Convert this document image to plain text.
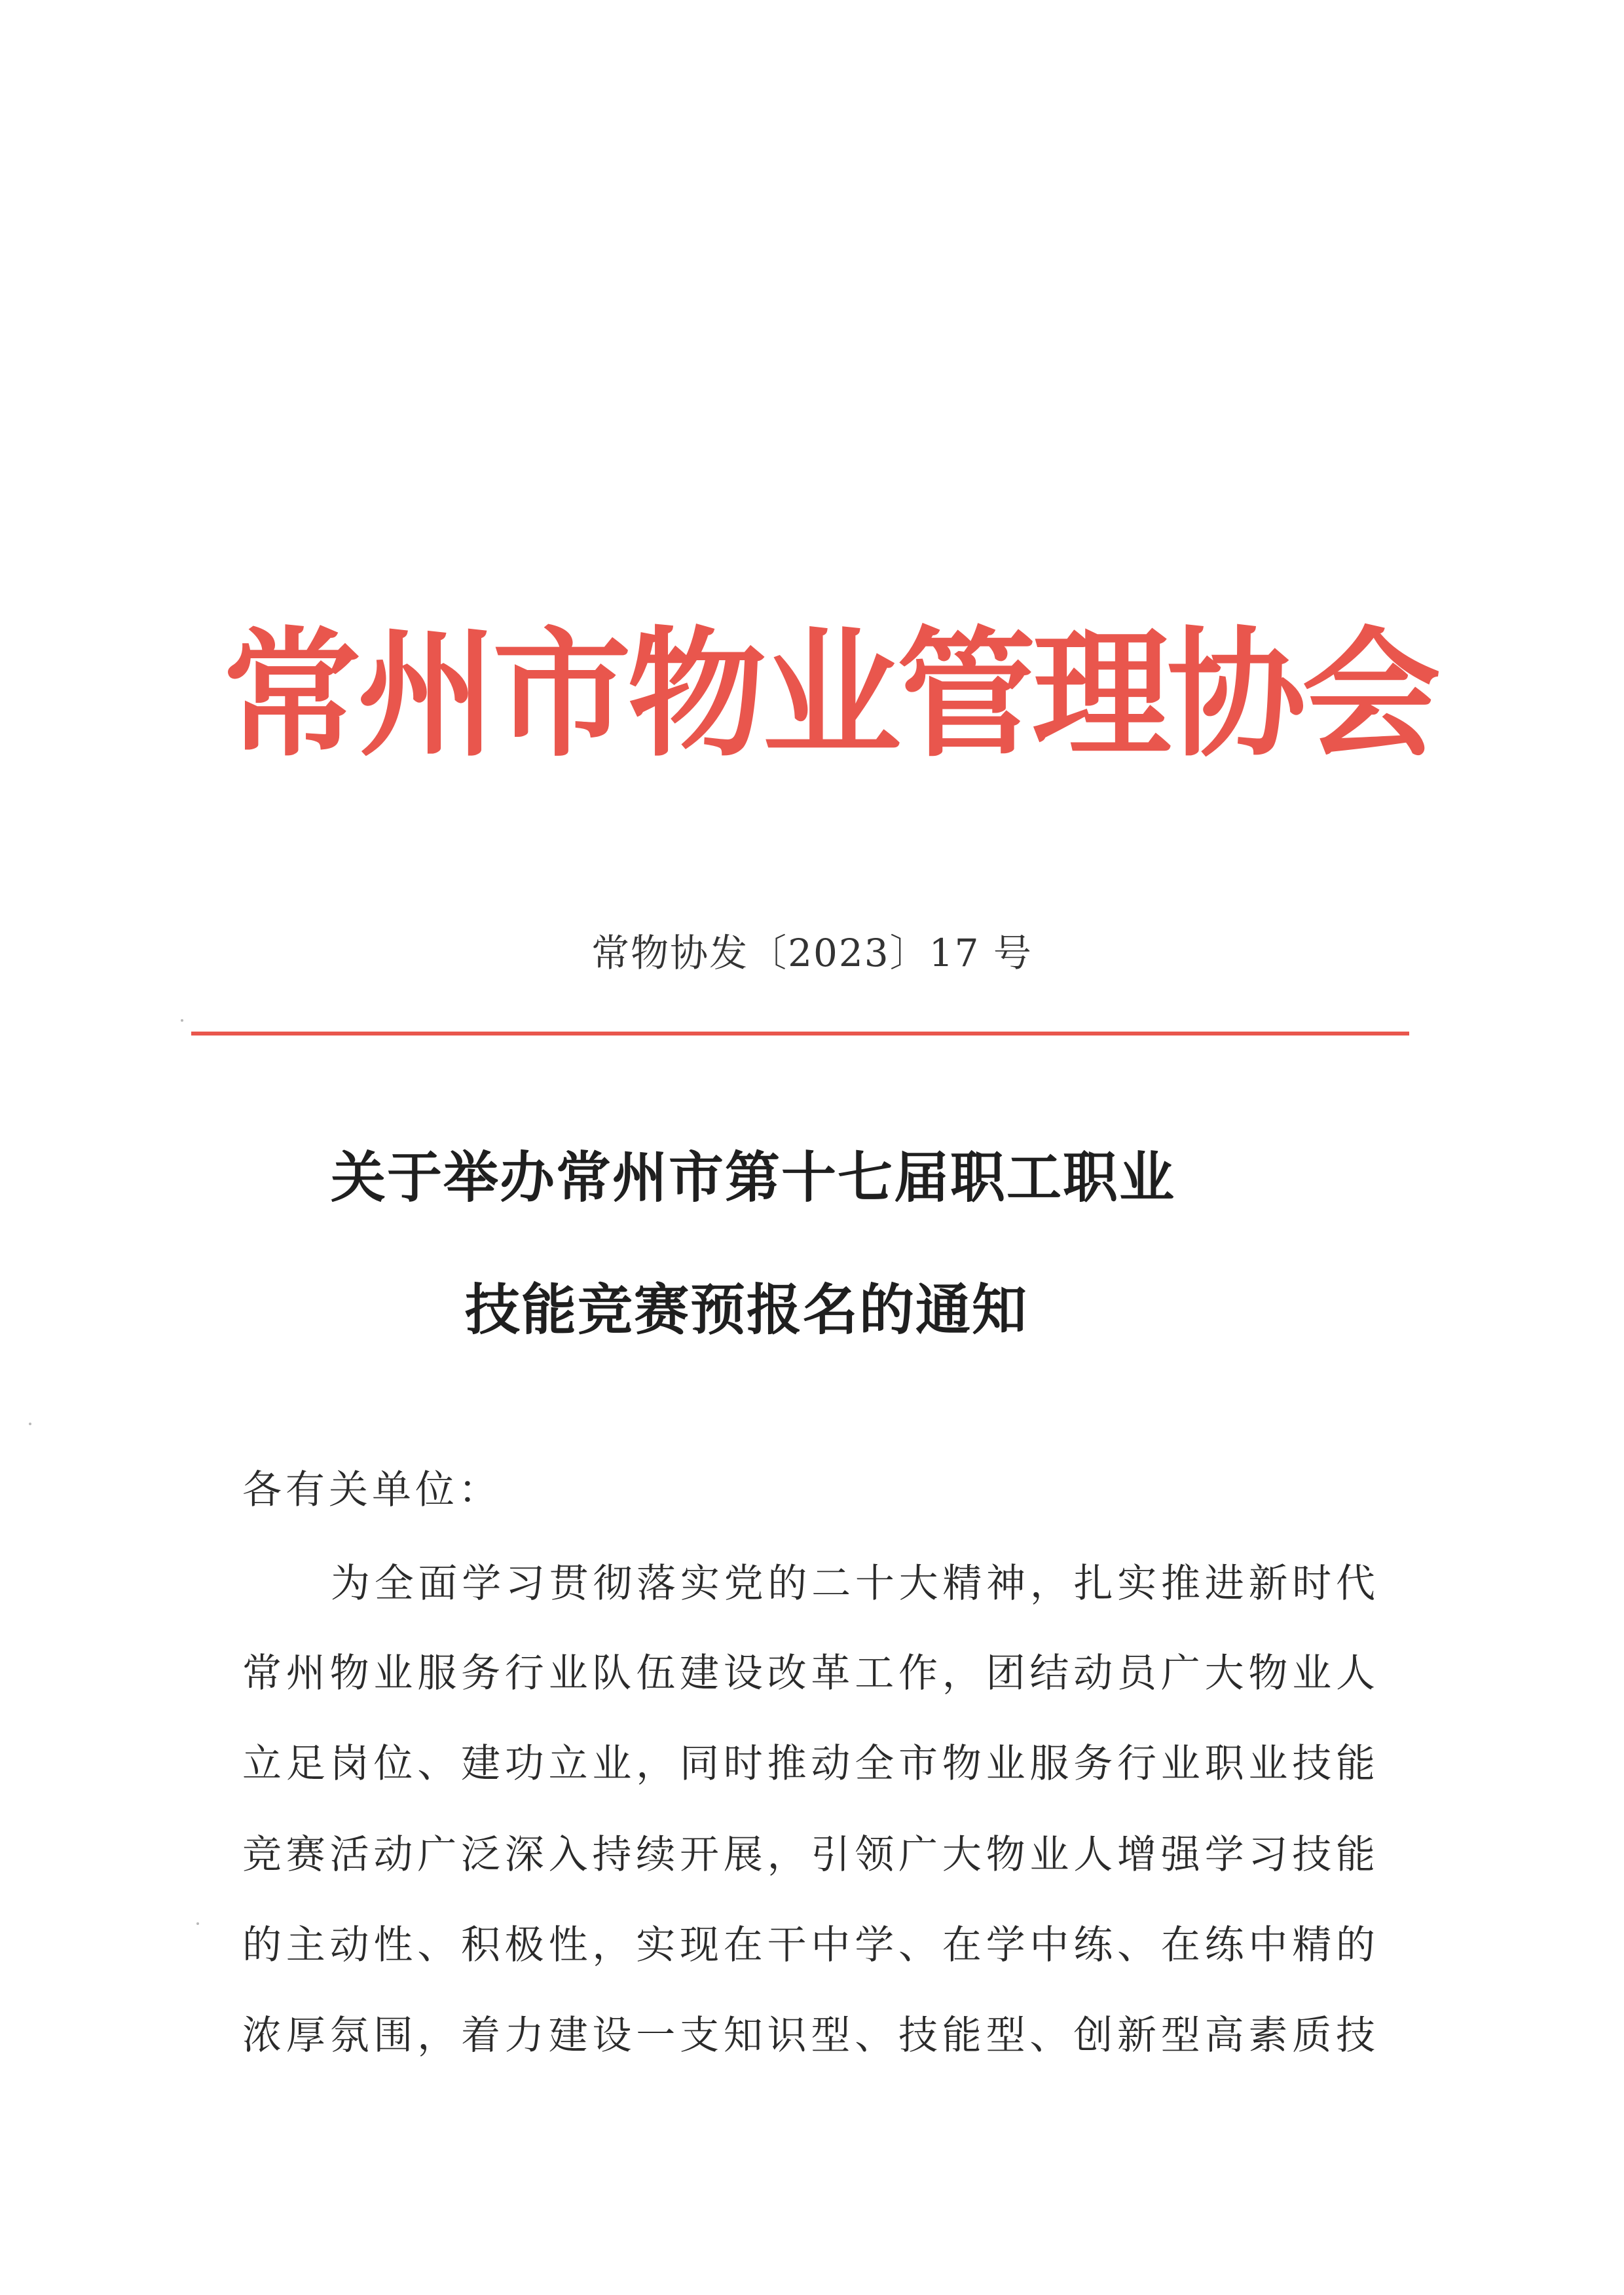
常州市物业管理协会
常物协发〔2023〕17 号
关于举办常州市第十七届职工职业
技能竞赛预报名的通知
各有关单位：
为全面学习贯彻落实党的二十大精神，扎实推进新时代
常州物业服务行业队伍建设改革工作，团结动员广大物业人
立足岗位、建功立业，同时推动全市物业服务行业职业技能
竞赛活动广泛深入持续开展，引领广大物业人增强学习技能
的主动性、积极性，实现在干中学、在学中练、在练中精的
浓厚氛围，着力建设一支知识型、技能型、创新型高素质技
